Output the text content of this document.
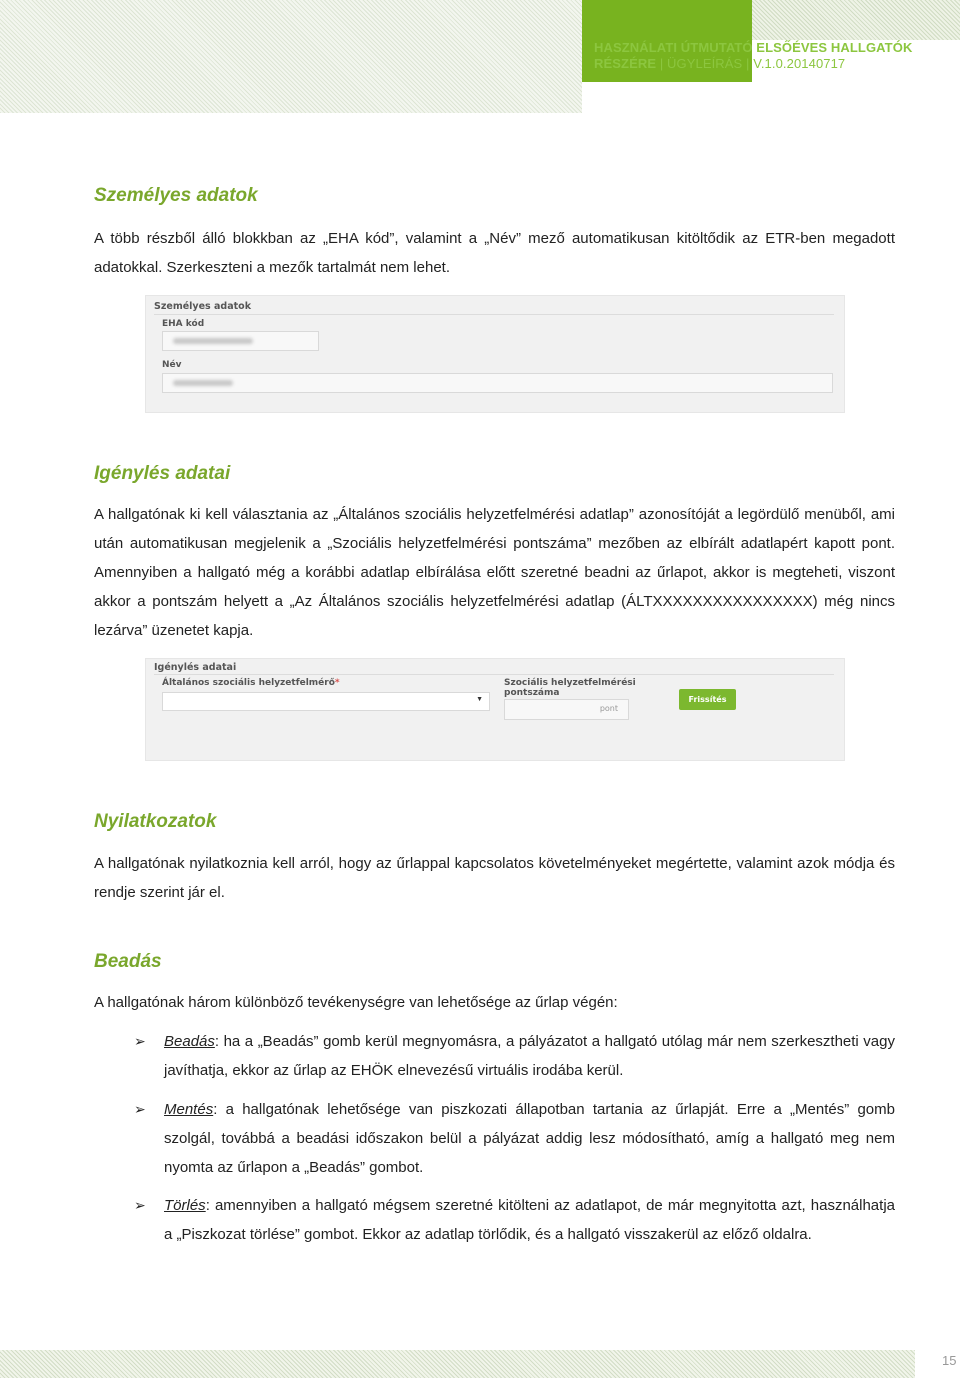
HASZNÁLATI ÚTMUTATÓ ELSŐÉVES HALLGATÓK
RÉSZÉRE | ÜGYLEÍRÁS | V.1.0.20140717
Személyes adatok

A több részből álló blokkban az „EHA kód”, valamint a „Név” mező automatikusan kitöltődik az ETR-ben megadott adatokkal. Szerkeszteni a mezők tartalmát nem lehet.

Személyes adatok
EHA kód
Név
Igénylés adatai

A hallgatónak ki kell választania az „Általános szociális helyzetfelmérési adatlap” azonosítóját a legördülő menüből, ami után automatikusan megjelenik a „Szociális helyzetfelmérési pontszáma” mezőben az elbírált adatlapért kapott pont. Amennyiben a hallgató még a korábbi adatlap elbírálása előtt szeretné beadni az űrlapot, akkor is megteheti, viszont akkor a pontszám helyett a „Az Általános szociális helyzetfelmérési adatlap (ÁLTXXXXXXXXXXXXXXXX) még nincs lezárva” üzenetet kapja.

Igénylés adatai
Általános szociális helyzetfelmérő*
▼
Szociális helyzetfelmérési
pontszáma
pont
Frissítés
Nyilatkozatok

A hallgatónak nyilatkoznia kell arról, hogy az űrlappal kapcsolatos követelményeket megértette, valamint azok módja és rendje szerint jár el.

Beadás

A hallgatónak három különböző tevékenységre van lehetősége az űrlap végén:

➢ Beadás: ha a „Beadás” gomb kerül megnyomásra, a pályázatot a hallgató utólag már nem szerkesztheti vagy javíthatja, ekkor az űrlap az EHÖK elnevezésű virtuális irodába kerül.
➢ Mentés: a hallgatónak lehetősége van piszkozati állapotban tartania az űrlapját. Erre a „Mentés” gomb szolgál, továbbá a beadási időszakon belül a pályázat addig lesz módosítható, amíg a hallgató meg nem nyomta az űrlapon a „Beadás” gombot.
➢ Törlés: amennyiben a hallgató mégsem szeretné kitölteni az adatlapot, de már megnyitotta azt, használhatja a „Piszkozat törlése” gombot. Ekkor az adatlap törlődik, és a hallgató visszakerül az előző oldalra.
15
